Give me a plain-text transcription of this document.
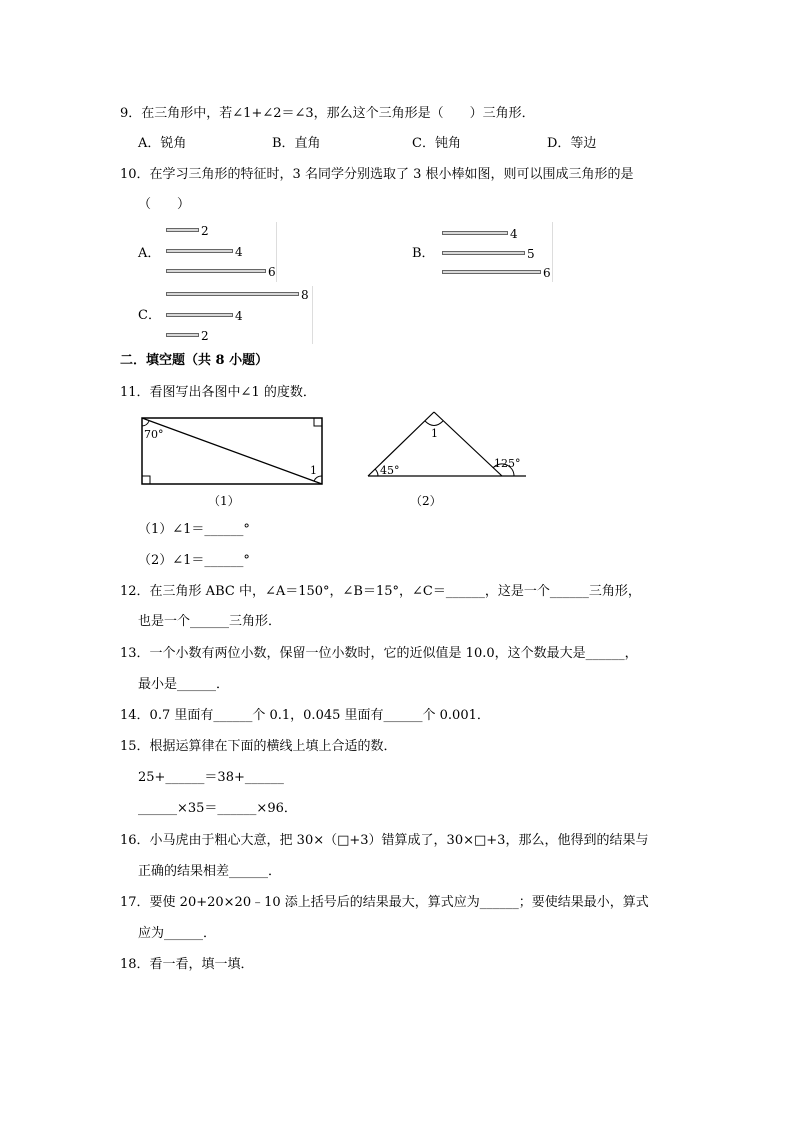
9．在三角形中，若∠1+∠2＝∠3，那么这个三角形是（　　）三角形．
A．锐角	B．直角	C．钝角	D．等边
10．在学习三角形的特征时，3 名同学分别选取了 3 根小棒如图，则可以围成三角形的是
（　　）
A．
2
4
6
B．
4
5
6
C．
8
4
2
二．填空题（共 8 小题）
11．看图写出各图中∠1 的度数．
70°
1
（1）
1
45°
125°
（2）
（1）∠1＝______°
（2）∠1＝______°
12．在三角形 ABC 中，∠A＝150°，∠B＝15°，∠C＝______，这是一个______三角形，
也是一个______三角形．
13．一个小数有两位小数，保留一位小数时，它的近似值是 10.0，这个数最大是______，
最小是______．
14．0.7 里面有______个 0.1，0.045 里面有______个 0.001．
15．根据运算律在下面的横线上填上合适的数．
25+______＝38+______
______×35＝______×96．
16．小马虎由于粗心大意，把 30×（□+3）错算成了，30×□+3，那么，他得到的结果与
正确的结果相差______．
17．要使 20+20×20﹣10 添上括号后的结果最大，算式应为______；要使结果最小，算式
应为______．
18．看一看，填一填．
